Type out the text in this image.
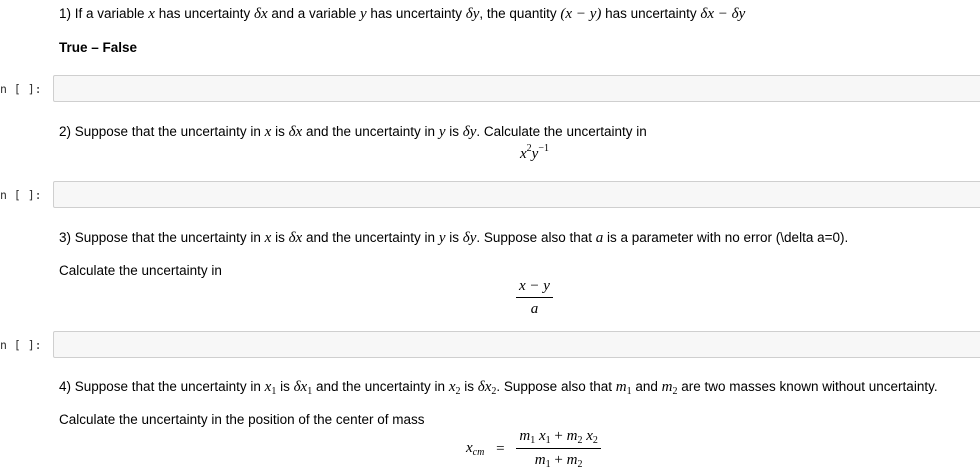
1) If a variable x has uncertainty δx and a variable y has uncertainty δy, the quantity (x − y) has uncertainty δx − δy
True – False
n [ ]:
2) Suppose that the uncertainty in x is δx and the uncertainty in y is δy. Calculate the uncertainty in
$x^2y^{-1}$
n [ ]:
3) Suppose that the uncertainty in x is δx and the uncertainty in y is δy. Suppose also that a is a parameter with no error (\delta a=0).
Calculate the uncertainty in
$\frac{x - y}{a}$
n [ ]:
4) Suppose that the uncertainty in $x_1$ is $\delta x_1$ and the uncertainty in $x_2$ is $\delta x_2$. Suppose also that $m_1$ and $m_2$ are two masses known without uncertainty.
Calculate the uncertainty in the position of the center of mass
$x_{cm} = \frac{m_1 x_1 + m_2 x_2}{m_1 + m_2}$
